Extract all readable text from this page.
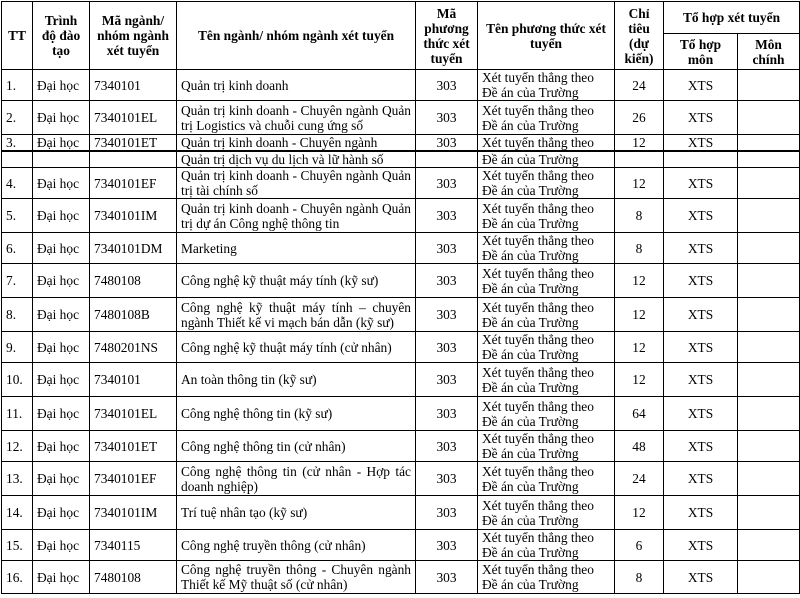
TT	Trình độ đào tạo	Mã ngành/ nhóm ngành xét tuyển	Tên ngành/ nhóm ngành xét tuyển	Mã phương thức xét tuyển	Tên phương thức xét tuyển	Chỉ tiêu (dự kiến)	Tổ hợp xét tuyển	
							Tổ hợp môn	Môn chính
1.	Đại học	7340101	Quản trị kinh doanh	303	Xét tuyển thẳng theo Đề án của Trường	24	XTS	
2.	Đại học	7340101EL	Quản trị kinh doanh - Chuyên ngành Quản trị Logistics và chuỗi cung ứng số	303	Xét tuyển thẳng theo Đề án của Trường	26	XTS	
3.	Đại học	7340101ET	Quản trị kinh doanh - Chuyên ngành	303	Xét tuyển thẳng theo	12	XTS	
			Quản trị dịch vụ du lịch và lữ hành số		Đề án của Trường			
4.	Đại học	7340101EF	Quản trị kinh doanh - Chuyên ngành Quản trị tài chính số	303	Xét tuyển thẳng theo Đề án của Trường	12	XTS	
5.	Đại học	7340101IM	Quản trị kinh doanh - Chuyên ngành Quản trị dự án Công nghệ thông tin	303	Xét tuyển thẳng theo Đề án của Trường	8	XTS	
6.	Đại học	7340101DM	Marketing	303	Xét tuyển thẳng theo Đề án của Trường	8	XTS	
7.	Đại học	7480108	Công nghệ kỹ thuật máy tính (kỹ sư)	303	Xét tuyển thẳng theo Đề án của Trường	12	XTS	
8.	Đại học	7480108B	Công nghệ kỹ thuật máy tính – chuyên ngành Thiết kế vi mạch bán dẫn (kỹ sư)	303	Xét tuyển thẳng theo Đề án của Trường	12	XTS	
9.	Đại học	7480201NS	Công nghệ kỹ thuật máy tính (cử nhân)	303	Xét tuyển thẳng theo Đề án của Trường	12	XTS	
10.	Đại học	7340101	An toàn thông tin (kỹ sư)	303	Xét tuyển thẳng theo Đề án của Trường	12	XTS	
11.	Đại học	7340101EL	Công nghệ thông tin (kỹ sư)	303	Xét tuyển thẳng theo Đề án của Trường	64	XTS	
12.	Đại học	7340101ET	Công nghệ thông tin (cử nhân)	303	Xét tuyển thẳng theo Đề án của Trường	48	XTS	
13.	Đại học	7340101EF	Công nghệ thông tin (cử nhân - Hợp tác doanh nghiệp)	303	Xét tuyển thẳng theo Đề án của Trường	24	XTS	
14.	Đại học	7340101IM	Trí tuệ nhân tạo (kỹ sư)	303	Xét tuyển thẳng theo Đề án của Trường	12	XTS	
15.	Đại học	7340115	Công nghệ truyền thông (cử nhân)	303	Xét tuyển thẳng theo Đề án của Trường	6	XTS	
16.	Đại học	7480108	Công nghệ truyền thông - Chuyên ngành Thiết kế Mỹ thuật số (cử nhân)	303	Xét tuyển thẳng theo Đề án của Trường	8	XTS	
